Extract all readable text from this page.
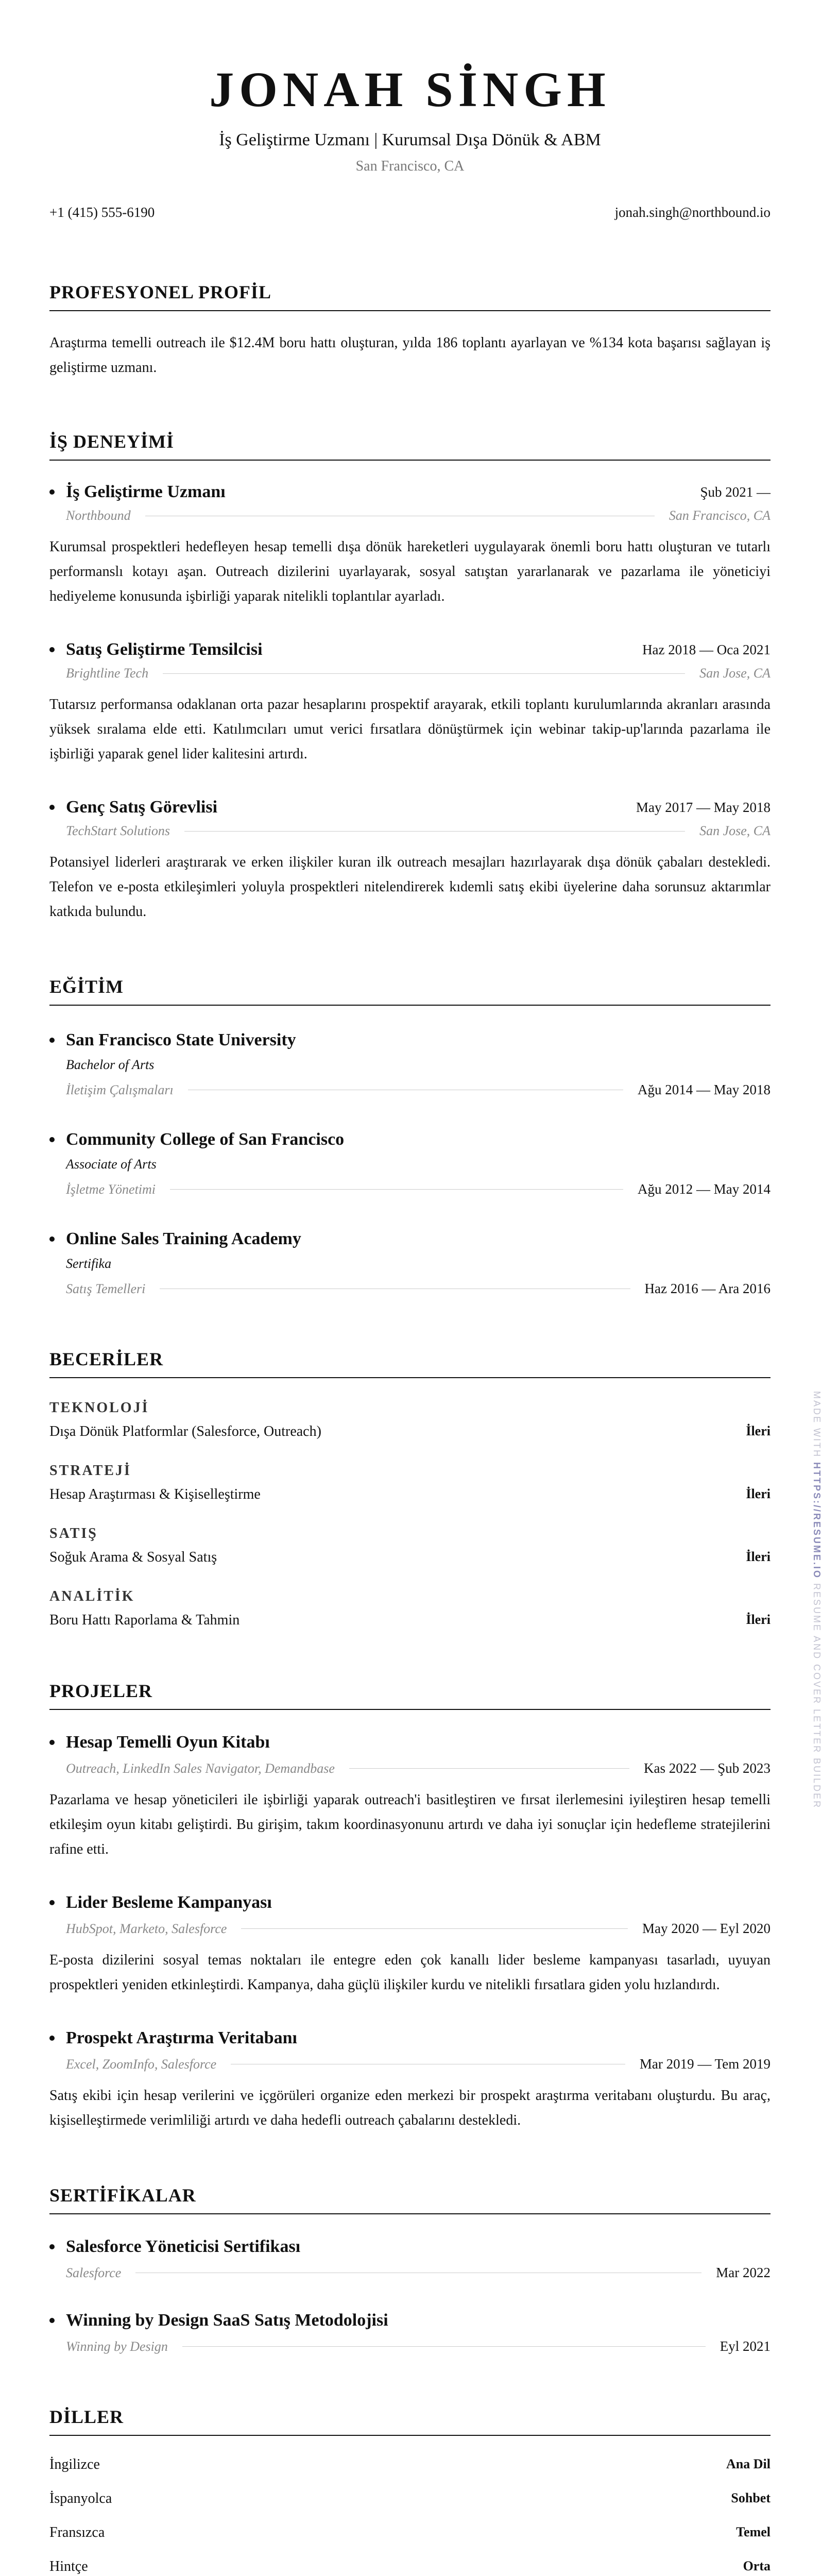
JONAH SİNGH
İş Geliştirme Uzmanı | Kurumsal Dışa Dönük & ABM
San Francisco, CA
+1 (415) 555-6190	jonah.singh@northbound.io
PROFESYONEL PROFİL
Araştırma temelli outreach ile $12.4M boru hattı oluşturan, yılda 186 toplantı ayarlayan ve %134 kota başarısı sağlayan iş geliştirme uzmanı.
İŞ DENEYİMİ
İş Geliştirme Uzmanı	Şub 2021 —
Northbound	San Francisco, CA
Kurumsal prospektleri hedefleyen hesap temelli dışa dönük hareketleri uygulayarak önemli boru hattı oluşturan ve tutarlı performanslı kotayı aşan. Outreach dizilerini uyarlayarak, sosyal satıştan yararlanarak ve pazarlama ile yöneticiyi hediyeleme konusunda işbirliği yaparak nitelikli toplantılar ayarladı.
Satış Geliştirme Temsilcisi	Haz 2018 — Oca 2021
Brightline Tech	San Jose, CA
Tutarsız performansa odaklanan orta pazar hesaplarını prospektif arayarak, etkili toplantı kurulumlarında akranları arasında yüksek sıralama elde etti. Katılımcıları umut verici fırsatlara dönüştürmek için webinar takip-up'larında pazarlama ile işbirliği yaparak genel lider kalitesini artırdı.
Genç Satış Görevlisi	May 2017 — May 2018
TechStart Solutions	San Jose, CA
Potansiyel liderleri araştırarak ve erken ilişkiler kuran ilk outreach mesajları hazırlayarak dışa dönük çabaları destekledi. Telefon ve e-posta etkileşimleri yoluyla prospektleri nitelendirerek kıdemli satış ekibi üyelerine daha sorunsuz aktarımlar katkıda bulundu.
EĞİTİM
San Francisco State University
Bachelor of Arts
İletişim Çalışmaları	Ağu 2014 — May 2018
Community College of San Francisco
Associate of Arts
İşletme Yönetimi	Ağu 2012 — May 2014
Online Sales Training Academy
Sertifika
Satış Temelleri	Haz 2016 — Ara 2016
BECERİLER
TEKNOLOJİ
Dışa Dönük Platformlar (Salesforce, Outreach)	İleri
STRATEJİ
Hesap Araştırması & Kişiselleştirme	İleri
SATIŞ
Soğuk Arama & Sosyal Satış	İleri
ANALİTİK
Boru Hattı Raporlama & Tahmin	İleri
PROJELER
Hesap Temelli Oyun Kitabı
Outreach, LinkedIn Sales Navigator, Demandbase	Kas 2022 — Şub 2023
Pazarlama ve hesap yöneticileri ile işbirliği yaparak outreach'i basitleştiren ve fırsat ilerlemesini iyileştiren hesap temelli etkileşim oyun kitabı geliştirdi. Bu girişim, takım koordinasyonunu artırdı ve daha iyi sonuçlar için hedefleme stratejilerini rafine etti.
Lider Besleme Kampanyası
HubSpot, Marketo, Salesforce	May 2020 — Eyl 2020
E-posta dizilerini sosyal temas noktaları ile entegre eden çok kanallı lider besleme kampanyası tasarladı, uyuyan prospektleri yeniden etkinleştirdi. Kampanya, daha güçlü ilişkiler kurdu ve nitelikli fırsatlara giden yolu hızlandırdı.
Prospekt Araştırma Veritabanı
Excel, ZoomInfo, Salesforce	Mar 2019 — Tem 2019
Satış ekibi için hesap verilerini ve içgörüleri organize eden merkezi bir prospekt araştırma veritabanı oluşturdu. Bu araç, kişiselleştirmede verimliliği artırdı ve daha hedefli outreach çabalarını destekledi.
SERTİFİKALAR
Salesforce Yöneticisi Sertifikası
Salesforce	Mar 2022
Winning by Design SaaS Satış Metodolojisi
Winning by Design	Eyl 2021
DİLLER
İngilizce	Ana Dil
İspanyolca	Sohbet
Fransızca	Temel
Hintçe	Orta
MADE WITH HTTPS://RESUME.IO RESUME AND COVER LETTER BUILDER
